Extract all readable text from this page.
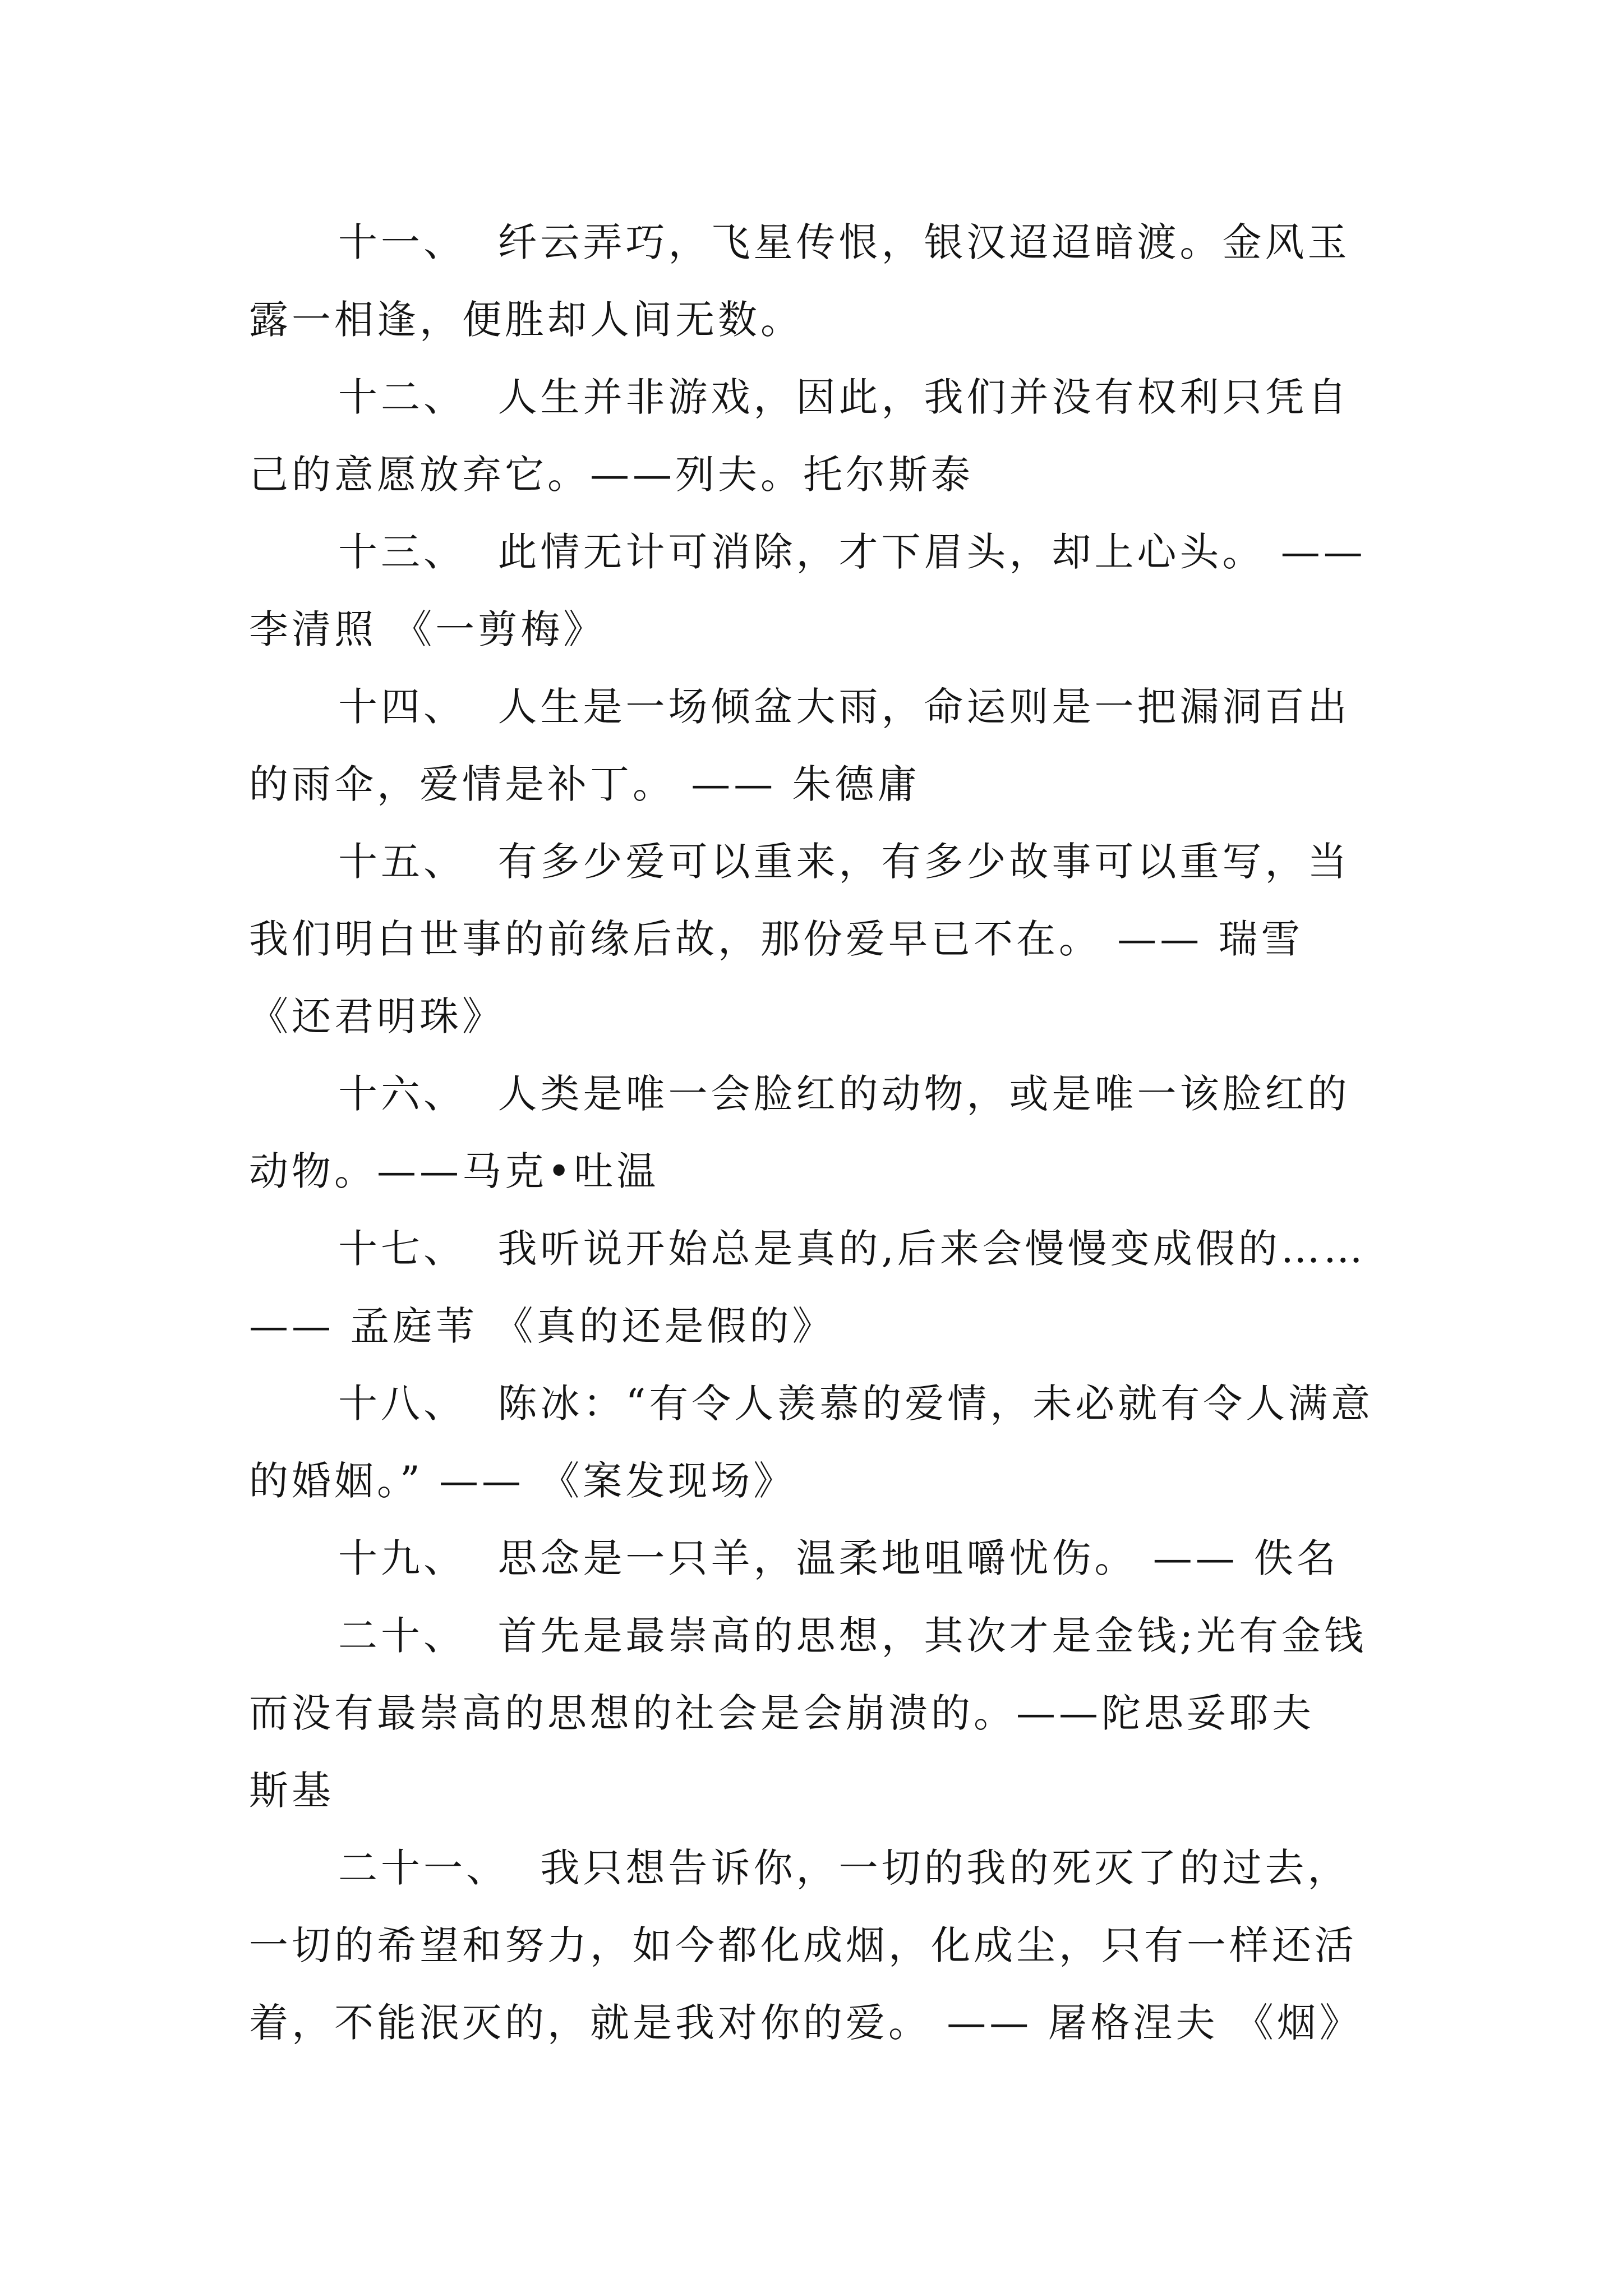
十一、  纤云弄巧，飞星传恨，银汉迢迢暗渡。金风玉

露一相逢，便胜却人间无数。

十二、  人生并非游戏，因此，我们并没有权利只凭自

己的意愿放弃它。——列夫。托尔斯泰

十三、  此情无计可消除，才下眉头，却上心头。 ——

李清照 《一剪梅》

十四、  人生是一场倾盆大雨，命运则是一把漏洞百出

的雨伞，爱情是补丁。 —— 朱德庸

十五、  有多少爱可以重来，有多少故事可以重写，当

我们明白世事的前缘后故，那份爱早已不在。 —— 瑞雪

《还君明珠》

十六、  人类是唯一会脸红的动物，或是唯一该脸红的

动物。——马克•吐温

十七、  我听说开始总是真的,后来会慢慢变成假的……

—— 孟庭苇 《真的还是假的》

十八、  陈冰：“有令人羡慕的爱情，未必就有令人满意

的婚姻。” —— 《案发现场》

十九、  思念是一只羊，温柔地咀嚼忧伤。 —— 佚名

二十、  首先是最崇高的思想，其次才是金钱;光有金钱

而没有最崇高的思想的社会是会崩溃的。——陀思妥耶夫

斯基

二十一、  我只想告诉你，一切的我的死灭了的过去，

一切的希望和努力，如今都化成烟，化成尘，只有一样还活

着，不能泯灭的，就是我对你的爱。 —— 屠格涅夫 《烟》
